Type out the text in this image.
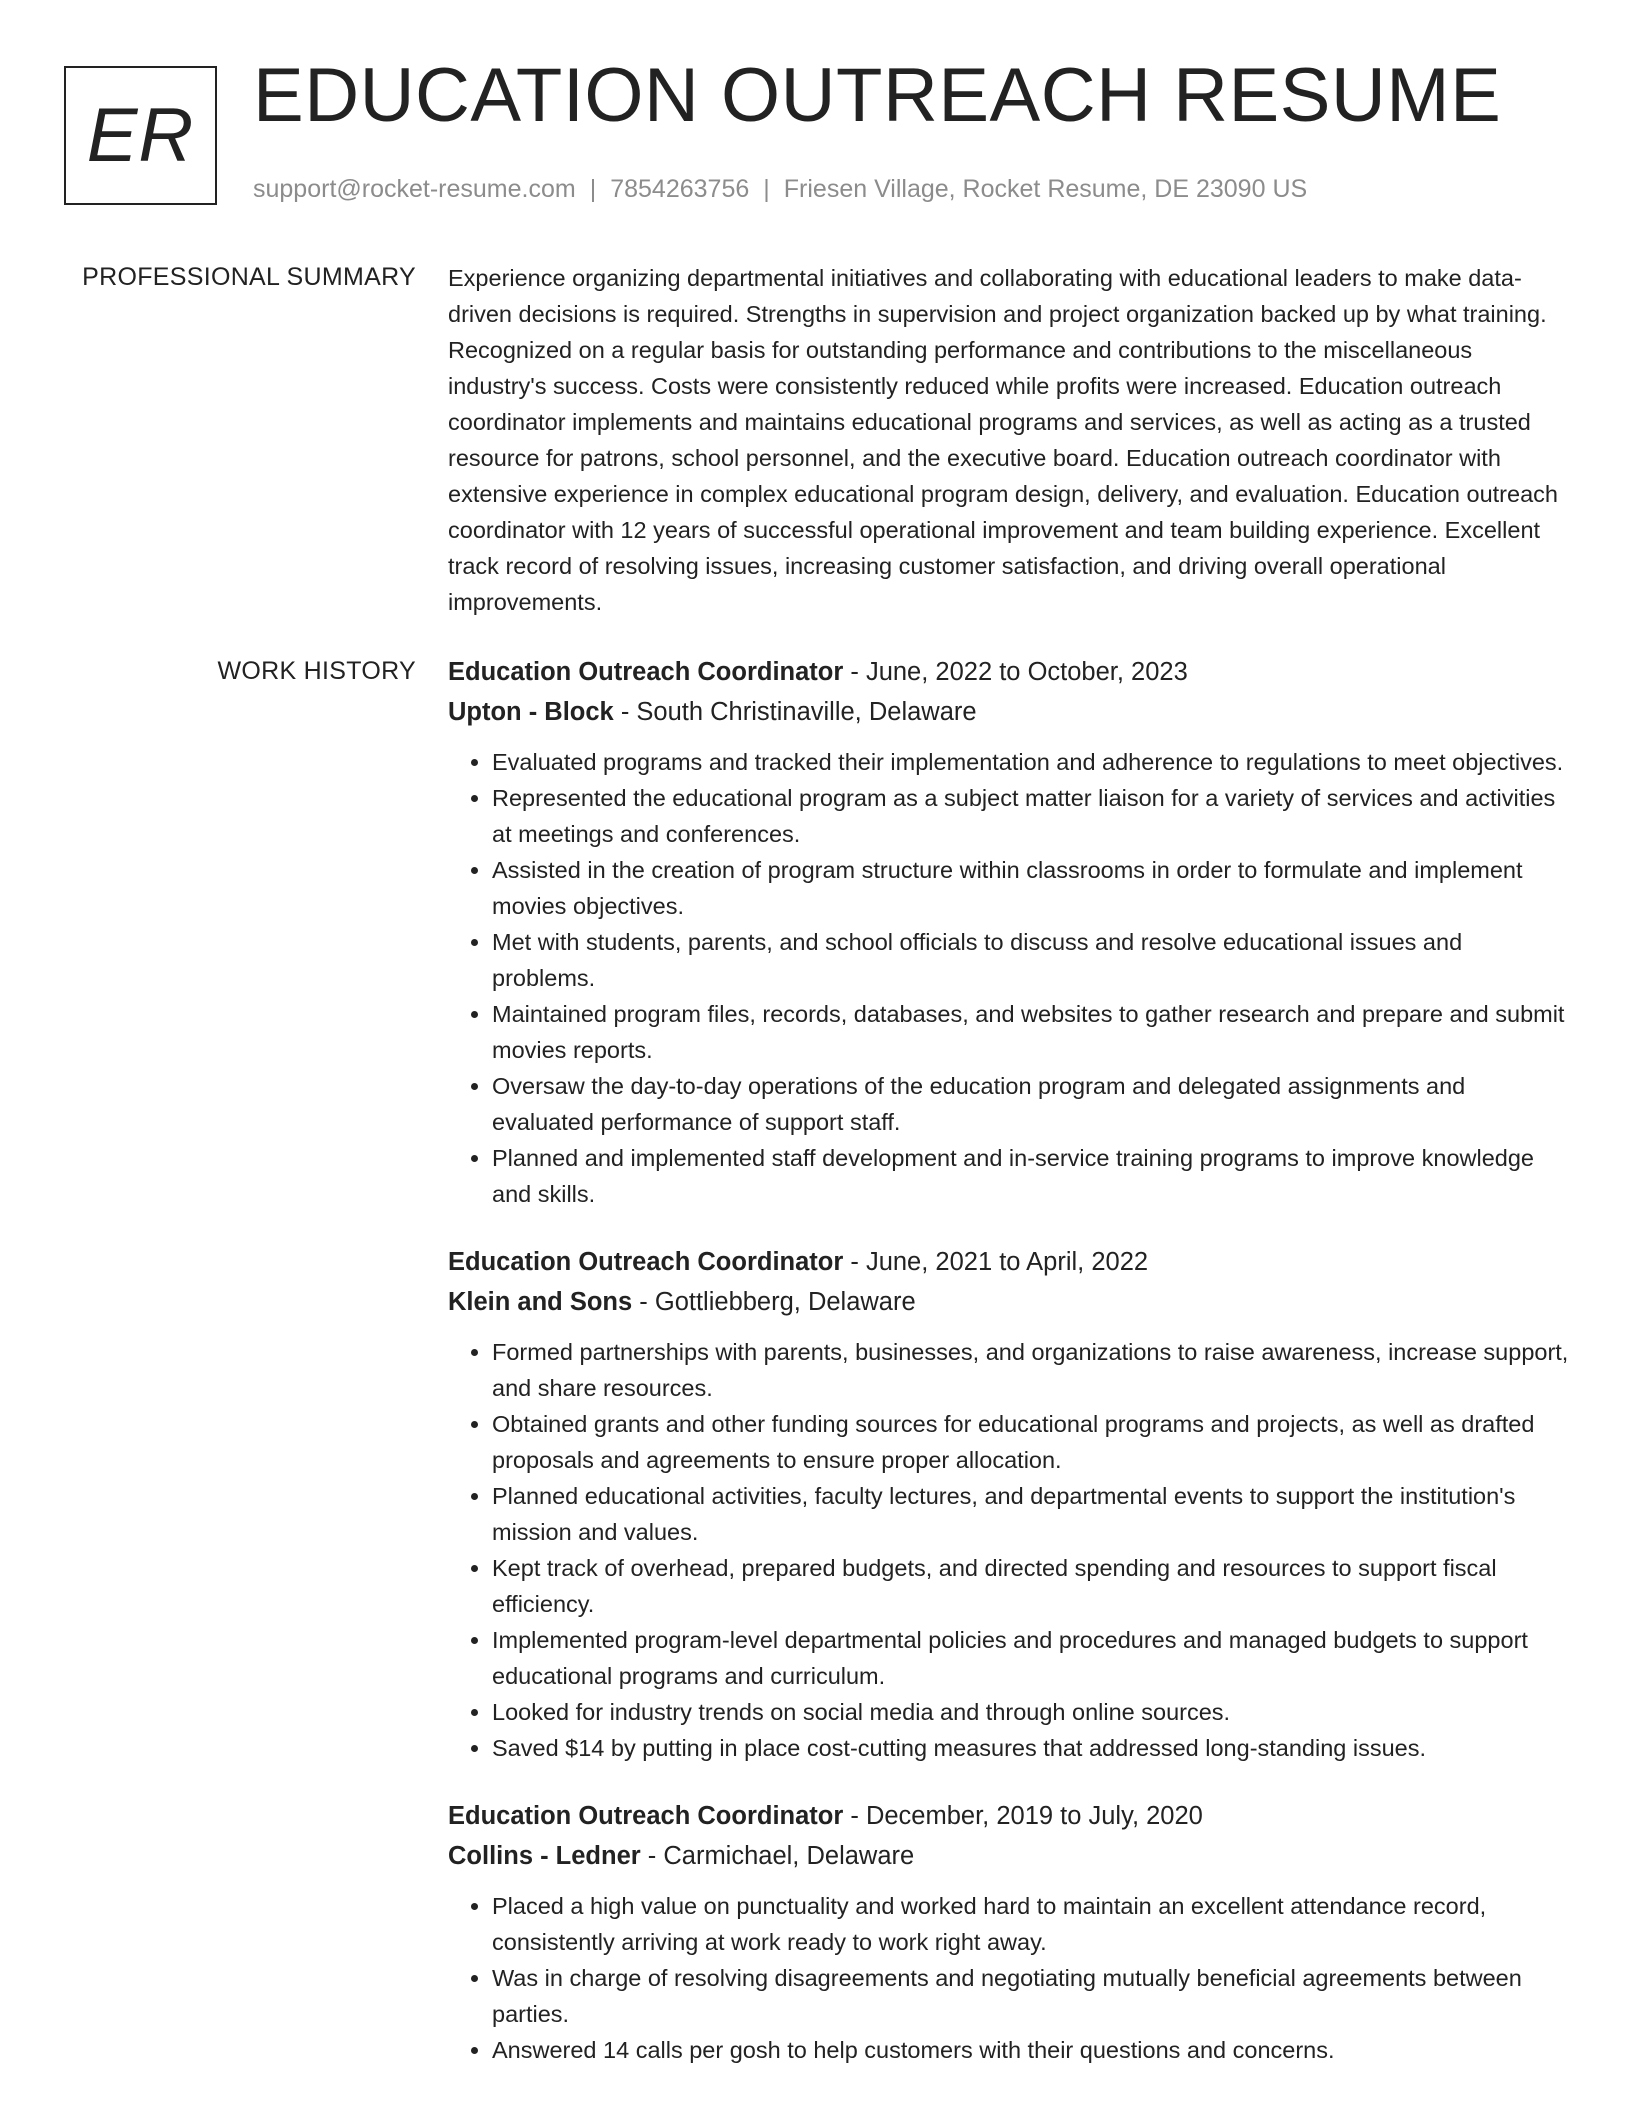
ER EDUCATION OUTREACH RESUME
support@rocket-resume.com | 7854263756 | Friesen Village, Rocket Resume, DE 23090 US
PROFESSIONAL SUMMARY Experience organizing departmental initiatives and collaborating with educational leaders to make data-driven decisions is required. Strengths in supervision and project organization backed up by what training. Recognized on a regular basis for outstanding performance and contributions to the miscellaneous industry's success. Costs were consistently reduced while profits were increased. Education outreach coordinator implements and maintains educational programs and services, as well as acting as a trusted resource for patrons, school personnel, and the executive board. Education outreach coordinator with extensive experience in complex educational program design, delivery, and evaluation. Education outreach coordinator with 12 years of successful operational improvement and team building experience. Excellent track record of resolving issues, increasing customer satisfaction, and driving overall operational improvements.

WORK HISTORY Education Outreach Coordinator - June, 2022 to October, 2023
Upton - Block - South Christinaville, Delaware
• Evaluated programs and tracked their implementation and adherence to regulations to meet objectives.
• Represented the educational program as a subject matter liaison for a variety of services and activities at meetings and conferences.
• Assisted in the creation of program structure within classrooms in order to formulate and implement movies objectives.
• Met with students, parents, and school officials to discuss and resolve educational issues and problems.
• Maintained program files, records, databases, and websites to gather research and prepare and submit movies reports.
• Oversaw the day-to-day operations of the education program and delegated assignments and evaluated performance of support staff.
• Planned and implemented staff development and in-service training programs to improve knowledge and skills.
Education Outreach Coordinator - June, 2021 to April, 2022
Klein and Sons - Gottliebberg, Delaware
• Formed partnerships with parents, businesses, and organizations to raise awareness, increase support, and share resources.
• Obtained grants and other funding sources for educational programs and projects, as well as drafted proposals and agreements to ensure proper allocation.
• Planned educational activities, faculty lectures, and departmental events to support the institution's mission and values.
• Kept track of overhead, prepared budgets, and directed spending and resources to support fiscal efficiency.
• Implemented program-level departmental policies and procedures and managed budgets to support educational programs and curriculum.
• Looked for industry trends on social media and through online sources.
• Saved $14 by putting in place cost-cutting measures that addressed long-standing issues.
Education Outreach Coordinator - December, 2019 to July, 2020
Collins - Ledner - Carmichael, Delaware
• Placed a high value on punctuality and worked hard to maintain an excellent attendance record, consistently arriving at work ready to work right away.
• Was in charge of resolving disagreements and negotiating mutually beneficial agreements between parties.
• Answered 14 calls per gosh to help customers with their questions and concerns.
